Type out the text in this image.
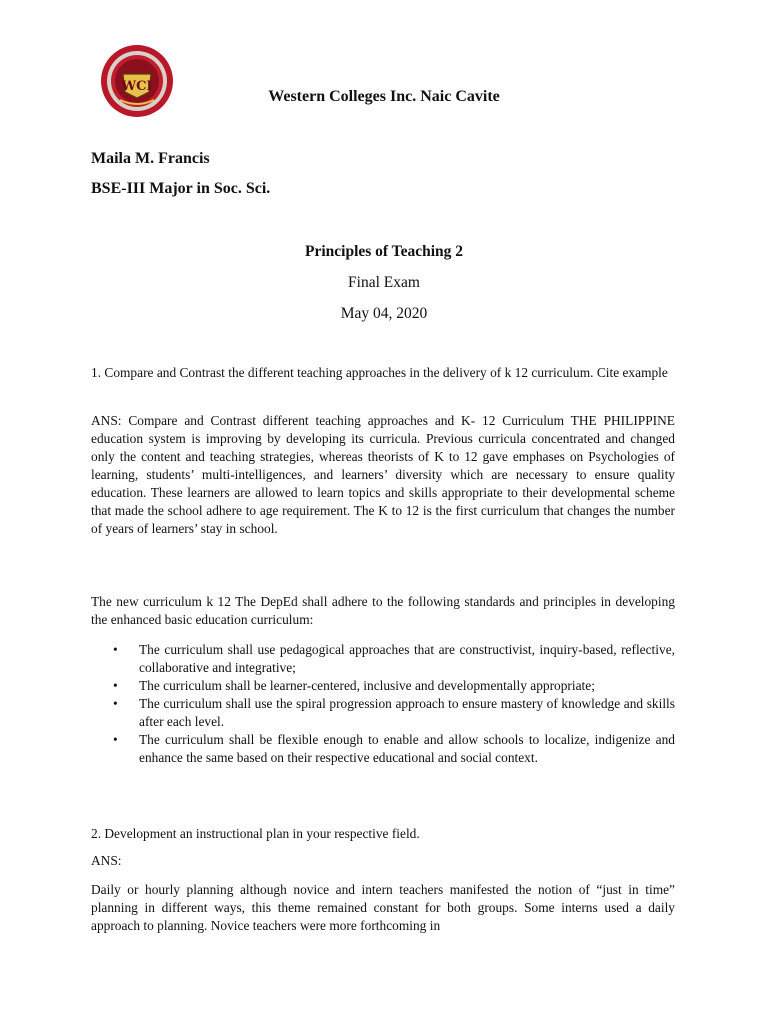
WCI
Western Colleges Inc. Naic Cavite
Maila M. Francis
BSE-III Major in Soc. Sci.
Principles of Teaching 2
Final Exam
May 04, 2020
1. Compare and Contrast the different teaching approaches in the delivery of k 12 curriculum. Cite example
ANS: Compare and Contrast different teaching approaches and K- 12 Curriculum THE PHILIPPINE education system is improving by developing its curricula. Previous curricula concentrated and changed only the content and teaching strategies, whereas theorists of K to 12 gave emphases on Psychologies of learning, students’ multi-intelligences, and learners’ diversity which are necessary to ensure quality education. These learners are allowed to learn topics and skills appropriate to their developmental scheme that made the school adhere to age requirement. The K to 12 is the first curriculum that changes the number of years of learners’ stay in school.
The new curriculum k 12 The DepEd shall adhere to the following standards and principles in developing the enhanced basic education curriculum:
• The curriculum shall use pedagogical approaches that are constructivist, inquiry-based, reflective, collaborative and integrative;
• The curriculum shall be learner-centered, inclusive and developmentally appropriate;
• The curriculum shall use the spiral progression approach to ensure mastery of knowledge and skills after each level.
• The curriculum shall be flexible enough to enable and allow schools to localize, indigenize and enhance the same based on their respective educational and social context.
2. Development an instructional plan in your respective field.
ANS:
Daily or hourly planning although novice and intern teachers manifested the notion of “just in time” planning in different ways, this theme remained constant for both groups. Some interns used a daily approach to planning. Novice teachers were more forthcoming in
